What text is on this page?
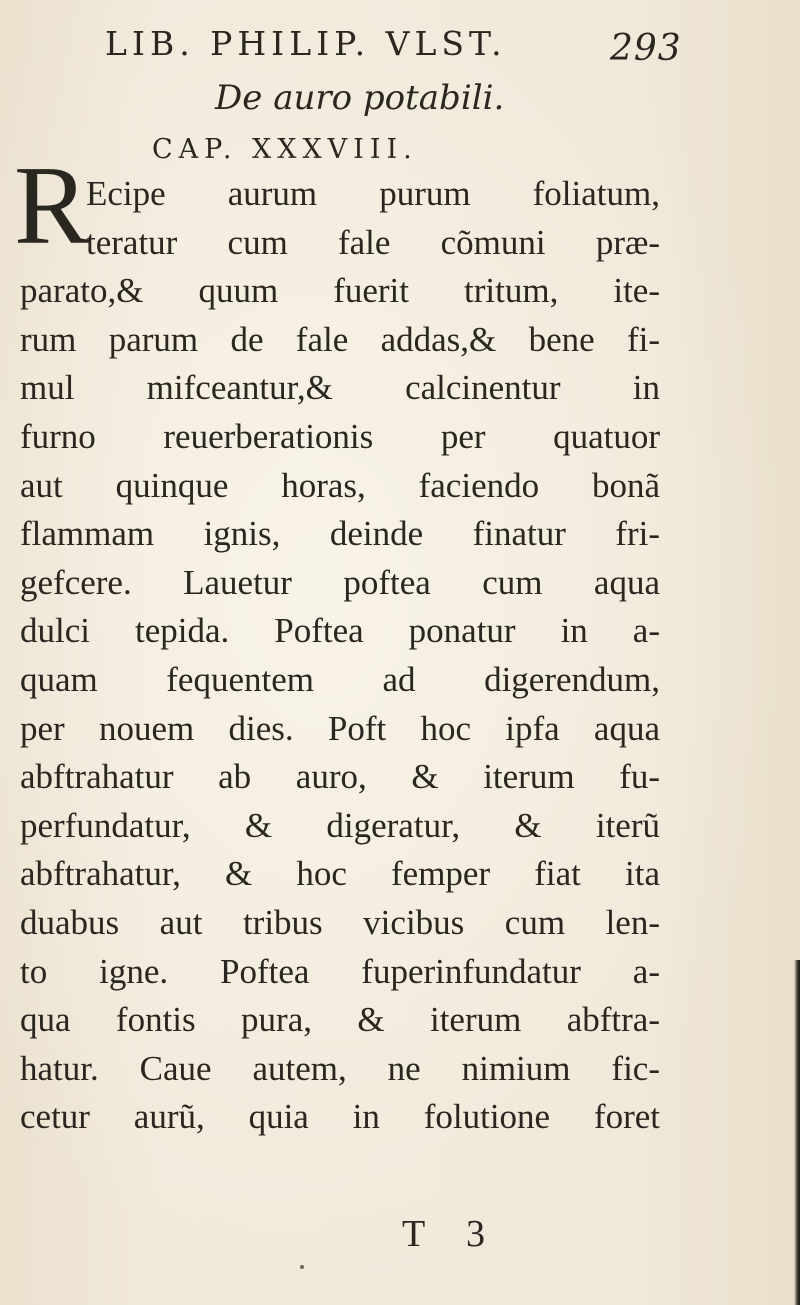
LIB. PHILIP. VLST.	293
De auro potabili.
CAP. XXXVIII.
R
Ecipe aurum purum foliatum,
teratur cum fale cõmuni præ-
parato,& quum fuerit tritum, ite-
rum parum de fale addas,& bene fi-
mul mifceantur,& calcinentur in
furno reuerberationis per quatuor
aut quinque horas, faciendo bonã
flammam ignis, deinde finatur fri-
gefcere. Lauetur poftea cum aqua
dulci tepida. Poftea ponatur in a-
quam fequentem ad digerendum,
per nouem dies. Poft hoc ipfa aqua
abftrahatur ab auro, & iterum fu-
perfundatur, & digeratur, & iterũ
abftrahatur, & hoc femper fiat ita
duabus aut tribus vicibus cum len-
to igne. Poftea fuperinfundatur a-
qua fontis pura, & iterum abftra-
hatur. Caue autem, ne nimium fic-
cetur aurũ, quia in folutione foret
T 3
